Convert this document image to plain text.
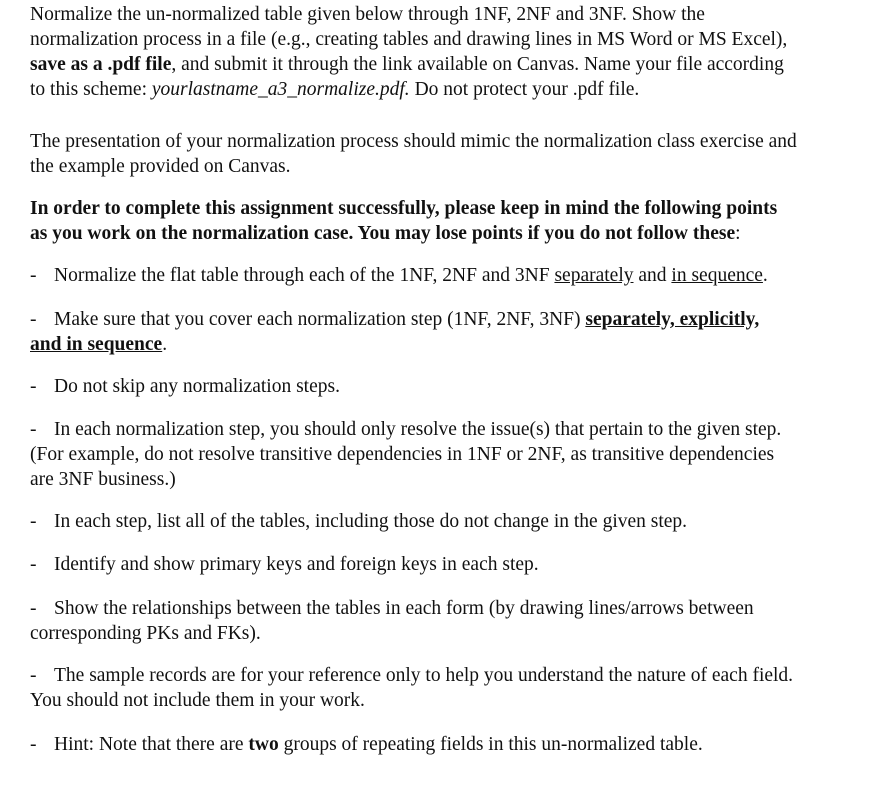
Normalize the un-normalized table given below through 1NF, 2NF and 3NF. Show the

normalization process in a file (e.g., creating tables and drawing lines in MS Word or MS Excel),

save as a .pdf file, and submit it through the link available on Canvas. Name your file according

to this scheme: yourlastname_a3_normalize.pdf. Do not protect your .pdf file.

The presentation of your normalization process should mimic the normalization class exercise and

the example provided on Canvas.

In order to complete this assignment successfully, please keep in mind the following points

as you work on the normalization case. You may lose points if you do not follow these:

- Normalize the flat table through each of the 1NF, 2NF and 3NF separately and in sequence.

- Make sure that you cover each normalization step (1NF, 2NF, 3NF) separately, explicitly,

and in sequence.

- Do not skip any normalization steps.

- In each normalization step, you should only resolve the issue(s) that pertain to the given step.

(For example, do not resolve transitive dependencies in 1NF or 2NF, as transitive dependencies

are 3NF business.)

- In each step, list all of the tables, including those do not change in the given step.

- Identify and show primary keys and foreign keys in each step.

- Show the relationships between the tables in each form (by drawing lines/arrows between

corresponding PKs and FKs).

- The sample records are for your reference only to help you understand the nature of each field.

You should not include them in your work.

- Hint: Note that there are two groups of repeating fields in this un-normalized table.
